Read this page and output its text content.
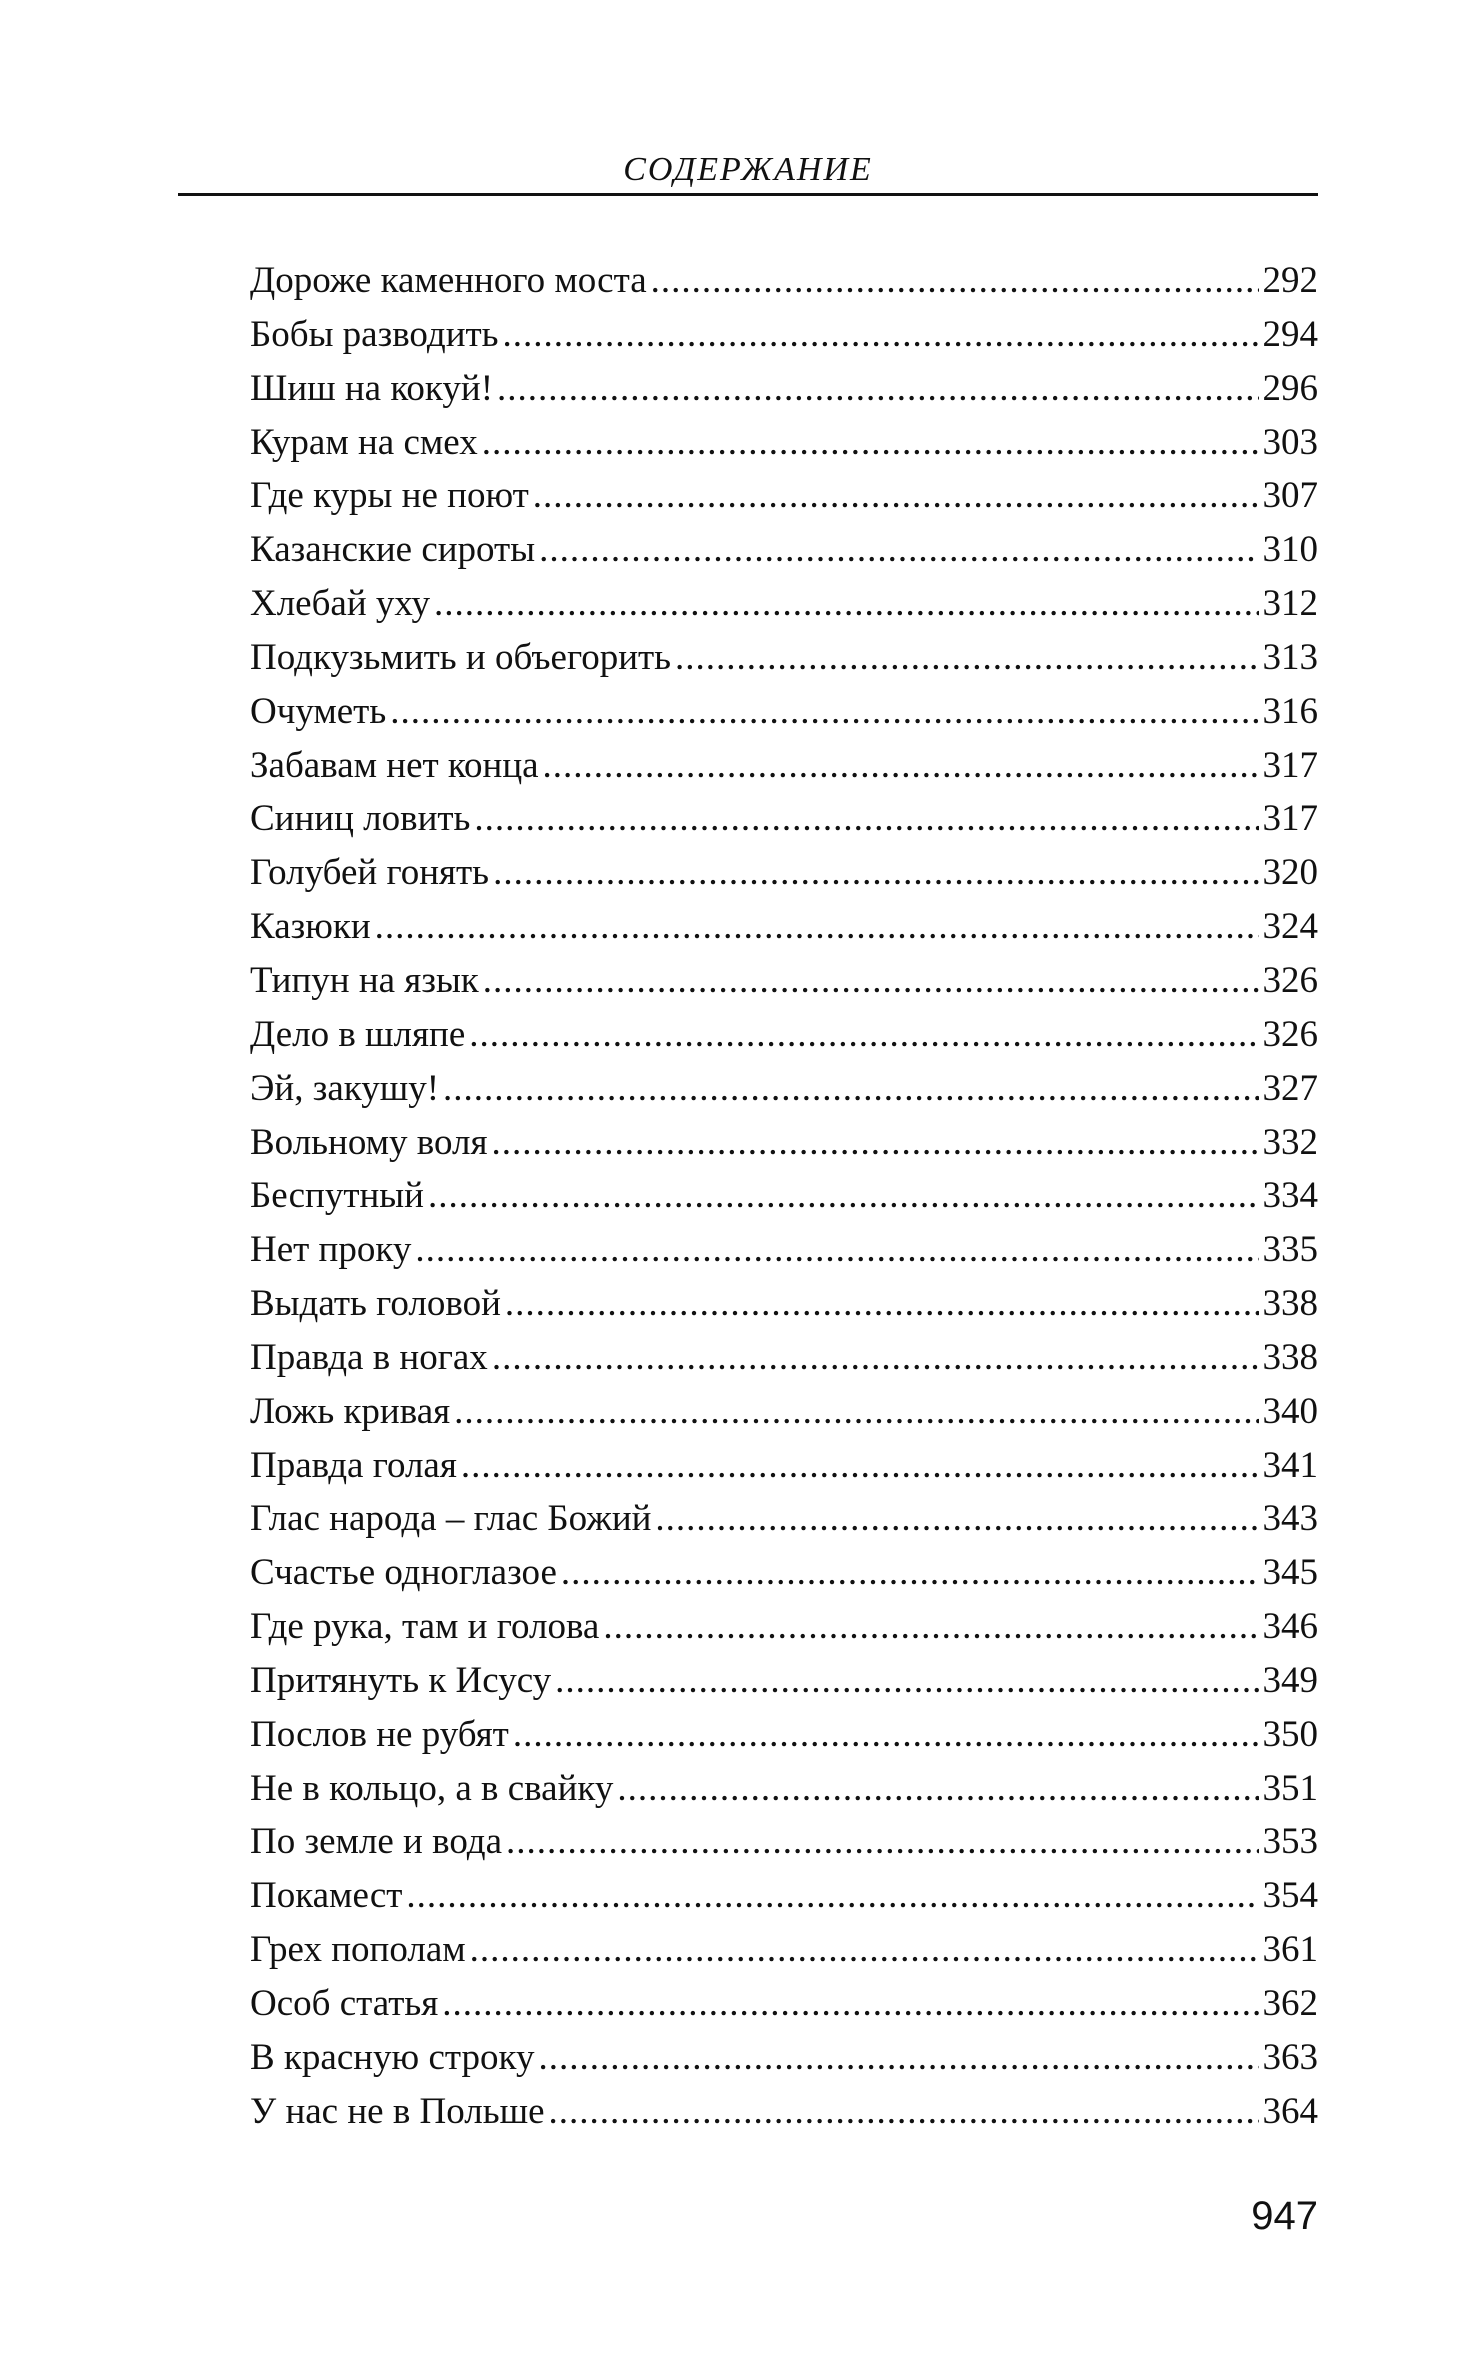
СОДЕРЖАНИЕ
Дороже каменного моста .....	292
Бобы разводить .....	294
Шиш на кокуй! .....	296
Курам на смех .....	303
Где куры не поют .....	307
Казанские сироты .....	310
Хлебай уху .....	312
Подкузьмить и объегорить .....	313
Очуметь .....	316
Забавам нет конца .....	317
Синиц ловить .....	317
Голубей гонять .....	320
Казюки .....	324
Типун на язык .....	326
Дело в шляпе .....	326
Эй, закушу! .....	327
Вольному воля .....	332
Беспутный .....	334
Нет проку .....	335
Выдать головой .....	338
Правда в ногах .....	338
Ложь кривая .....	340
Правда голая .....	341
Глас народа – глас Божий .....	343
Счастье одноглазое .....	345
Где рука, там и голова .....	346
Притянуть к Исусу .....	349
Послов не рубят .....	350
Не в кольцо, а в свайку .....	351
По земле и вода .....	353
Покамест .....	354
Грех пополам .....	361
Особ статья .....	362
В красную строку .....	363
У нас не в Польше .....	364
947
